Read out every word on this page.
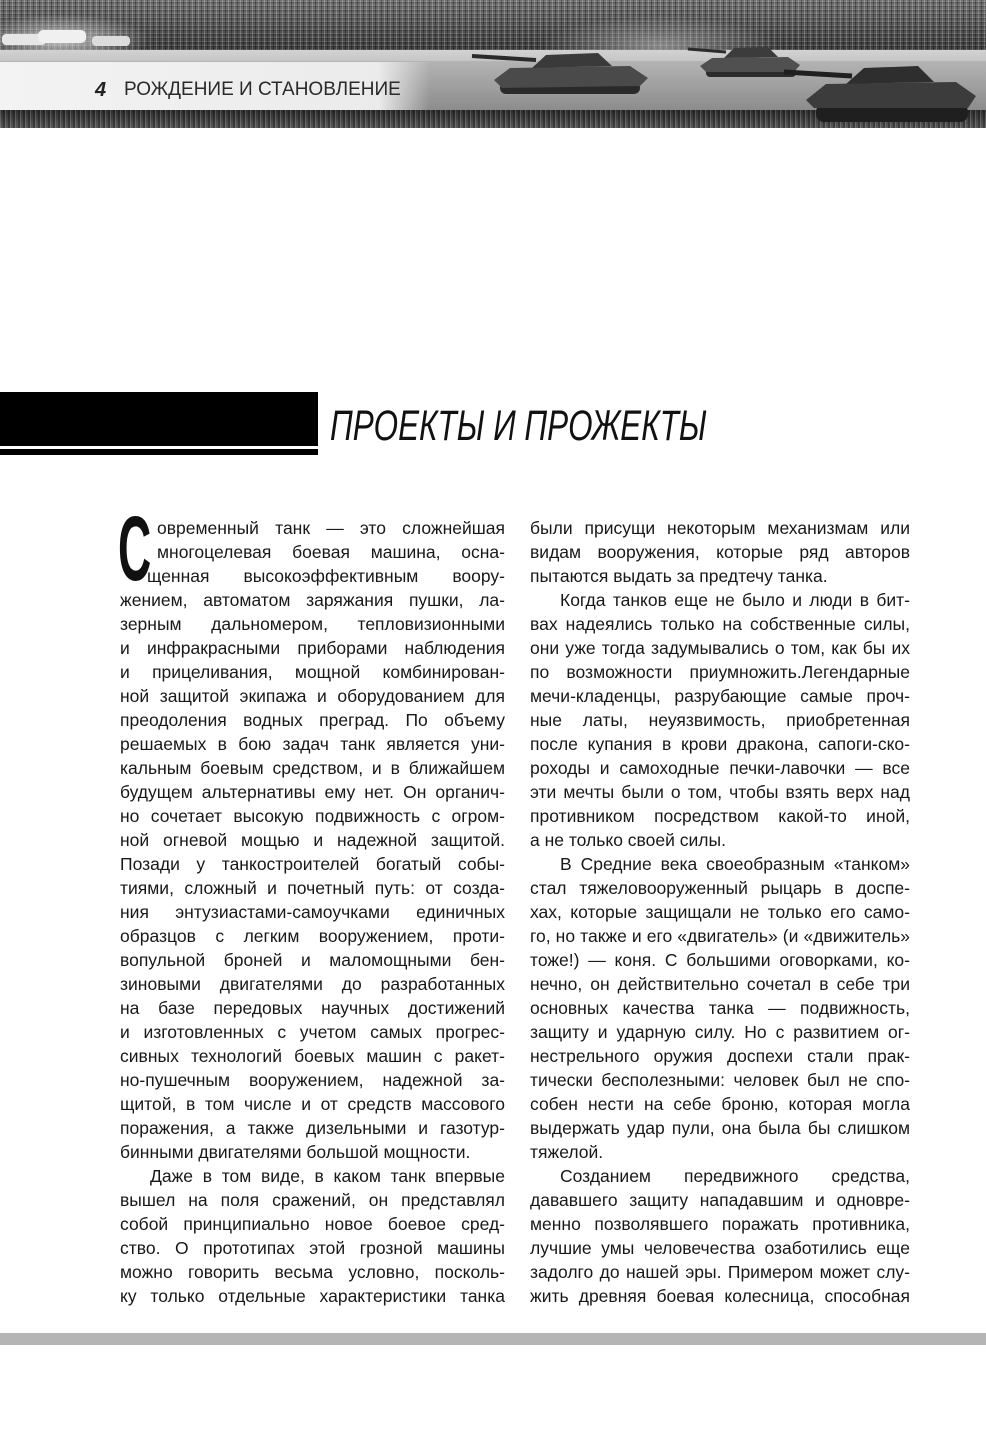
4 РОЖДЕНИЕ И СТАНОВЛЕНИЕ
ПРОЕКТЫ И ПРОЖЕКТЫ
С овременный танк — это сложнейшая
многоцелевая боевая машина, осна-
щенная высокоэффективным воору-
жением, автоматом заряжания пушки, ла-
зерным дальномером, тепловизионными
и инфракрасными приборами наблюдения
и прицеливания, мощной комбинирован-
ной защитой экипажа и оборудованием для
преодоления водных преград. По объему
решаемых в бою задач танк является уни-
кальным боевым средством, и в ближайшем
будущем альтернативы ему нет. Он органич-
но сочетает высокую подвижность с огром-
ной огневой мощью и надежной защитой.
Позади у танкостроителей богатый собы-
тиями, сложный и почетный путь: от созда-
ния энтузиастами-самоучками единичных
образцов с легким вооружением, проти-
вопульной броней и маломощными бен-
зиновыми двигателями до разработанных
на базе передовых научных достижений
и изготовленных с учетом самых прогрес-
сивных технологий боевых машин с ракет-
но-пушечным вооружением, надежной за-
щитой, в том числе и от средств массового
поражения, а также дизельными и газотур-
бинными двигателями большой мощности.
Даже в том виде, в каком танк впервые
вышел на поля сражений, он представлял
собой принципиально новое боевое сред-
ство. О прототипах этой грозной машины
можно говорить весьма условно, посколь-
ку только отдельные характеристики танка
были присущи некоторым механизмам или
видам вооружения, которые ряд авторов
пытаются выдать за предтечу танка.
Когда танков еще не было и люди в бит-
вах надеялись только на собственные силы,
они уже тогда задумывались о том, как бы их
по возможности приумножить.Легендарные
мечи-кладенцы, разрубающие самые проч-
ные латы, неуязвимость, приобретенная
после купания в крови дракона, сапоги-ско-
роходы и самоходные печки-лавочки — все
эти мечты были о том, чтобы взять верх над
противником посредством какой-то иной,
а не только своей силы.
В Средние века своеобразным «танком»
стал тяжеловооруженный рыцарь в доспе-
хах, которые защищали не только его само-
го, но также и его «двигатель» (и «движитель»
тоже!) — коня. С большими оговорками, ко-
нечно, он действительно сочетал в себе три
основных качества танка — подвижность,
защиту и ударную силу. Но с развитием ог-
нестрельного оружия доспехи стали прак-
тически бесполезными: человек был не спо-
собен нести на себе броню, которая могла
выдержать удар пули, она была бы слишком
тяжелой.
Созданием передвижного средства,
дававшего защиту нападавшим и одновре-
менно позволявшего поражать противника,
лучшие умы человечества озаботились еще
задолго до нашей эры. Примером может слу-
жить древняя боевая колесница, способная
